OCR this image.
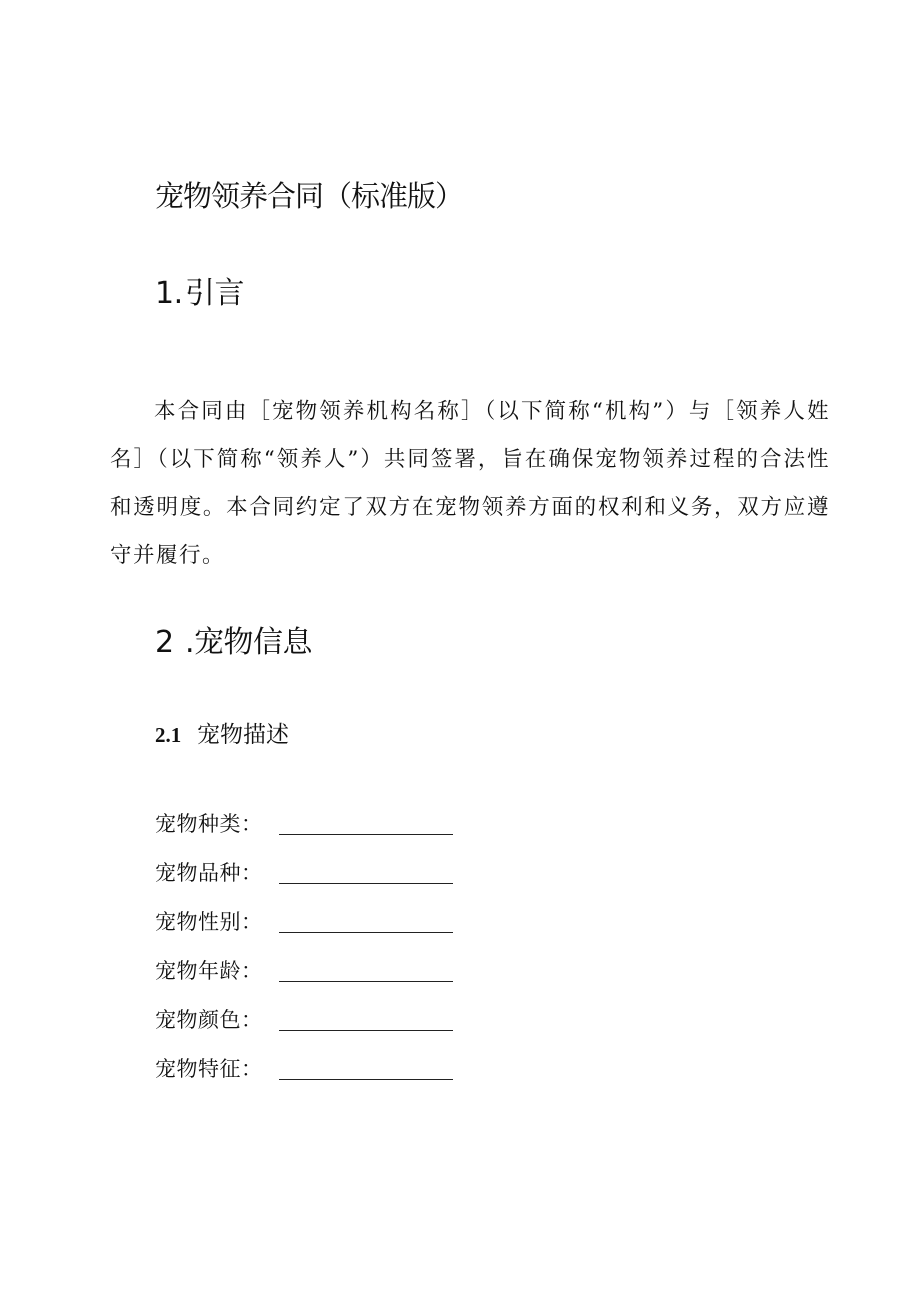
宠物领养合同（标准版）
1.引言

本合同由［宠物领养机构名称］（以下简称“机构”）与［领养人姓名］（以下简称“领养人”）共同签署，旨在确保宠物领养过程的合法性和透明度。本合同约定了双方在宠物领养方面的权利和义务，双方应遵守并履行。

2 .宠物信息
2.1 宠物描述
宠物种类：
宠物品种：
宠物性别：
宠物年龄：
宠物颜色：
宠物特征：
